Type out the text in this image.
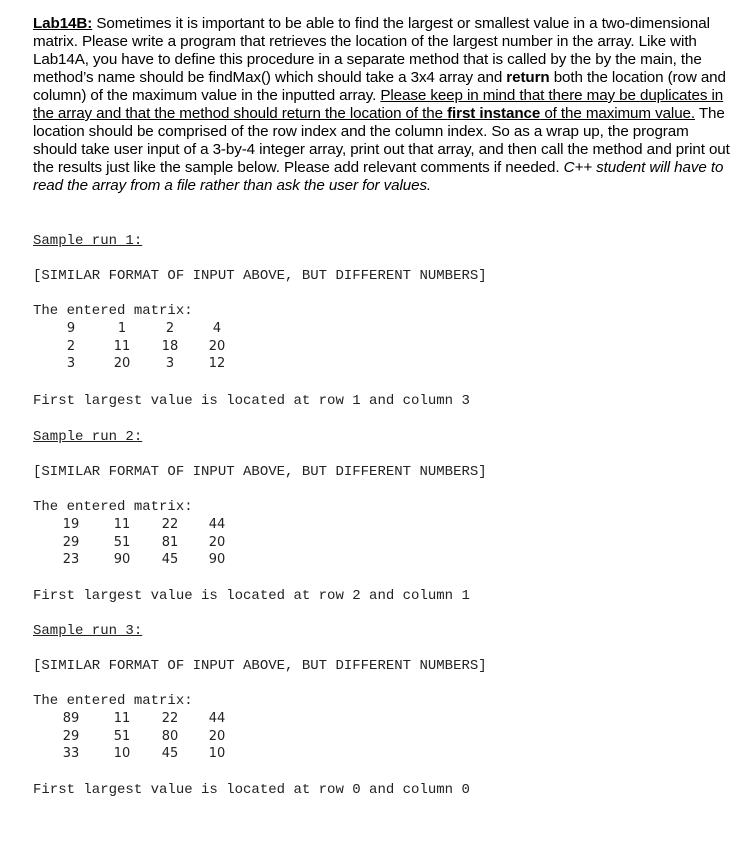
Lab14B: Sometimes it is important to be able to find the largest or smallest value in a two-dimensional matrix. Please write a program that retrieves the location of the largest number in the array. Like with Lab14A, you have to define this procedure in a separate method that is called by the by the main, the method’s name should be findMax() which should take a 3x4 array and return both the location (row and column) of the maximum value in the inputted array. Please keep in mind that there may be duplicates in the array and that the method should return the location of the first instance of the maximum value. The location should be comprised of the row index and the column index. So as a wrap up, the program should take user input of a 3-by-4 integer array, print out that array, and then call the method and print out the results just like the sample below. Please add relevant comments if needed. C++ student will have to read the array from a file rather than ask the user for values.
Sample run 1:
[SIMILAR FORMAT OF INPUT ABOVE, BUT DIFFERENT NUMBERS]
The entered matrix:
9	1	2	4
2	11	18	20
3	20	3	12
First largest value is located at row 1 and column 3
Sample run 2:
[SIMILAR FORMAT OF INPUT ABOVE, BUT DIFFERENT NUMBERS]
The entered matrix:
19	11	22	44
29	51	81	20
23	90	45	90
First largest value is located at row 2 and column 1
Sample run 3:
[SIMILAR FORMAT OF INPUT ABOVE, BUT DIFFERENT NUMBERS]
The entered matrix:
89	11	22	44
29	51	80	20
33	10	45	10
First largest value is located at row 0 and column 0
